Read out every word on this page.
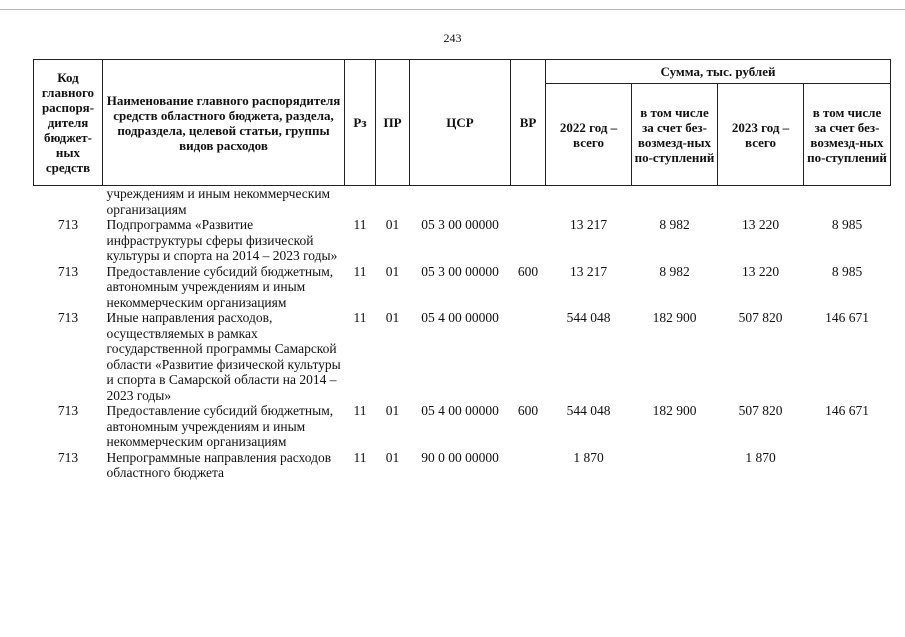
243
Код главного распоря-дителя бюджет-ных средств	Наименование главного распорядителя средств областного бюджета, раздела, подраздела, целевой статьи, группы видов расходов	Рз	ПР	ЦСР	ВР	Сумма, тыс. рублей			
						2022 год – всего	в том числе за счет без-возмезд-ных по-ступлений	2023 год – всего	в том числе за счет без-возмезд-ных по-ступлений
	учреждениям и иным некоммерческим организациям								
713	Подпрограмма «Развитие инфраструктуры сферы физической культуры и спорта на 2014 – 2023 годы»	11	01	05 3 00 00000		13 217	8 982	13 220	8 985
713	Предоставление субсидий бюджетным, автономным учреждениям и иным некоммерческим организациям	11	01	05 3 00 00000	600	13 217	8 982	13 220	8 985
713	Иные направления расходов, осуществляемых в рамках государственной программы Самарской области «Развитие физической культуры и спорта в Самарской области на 2014 – 2023 годы»	11	01	05 4 00 00000		544 048	182 900	507 820	146 671
713	Предоставление субсидий бюджетным, автономным учреждениям и иным некоммерческим организациям	11	01	05 4 00 00000	600	544 048	182 900	507 820	146 671
713	Непрограммные направления расходов областного бюджета	11	01	90 0 00 00000		1 870		1 870	
